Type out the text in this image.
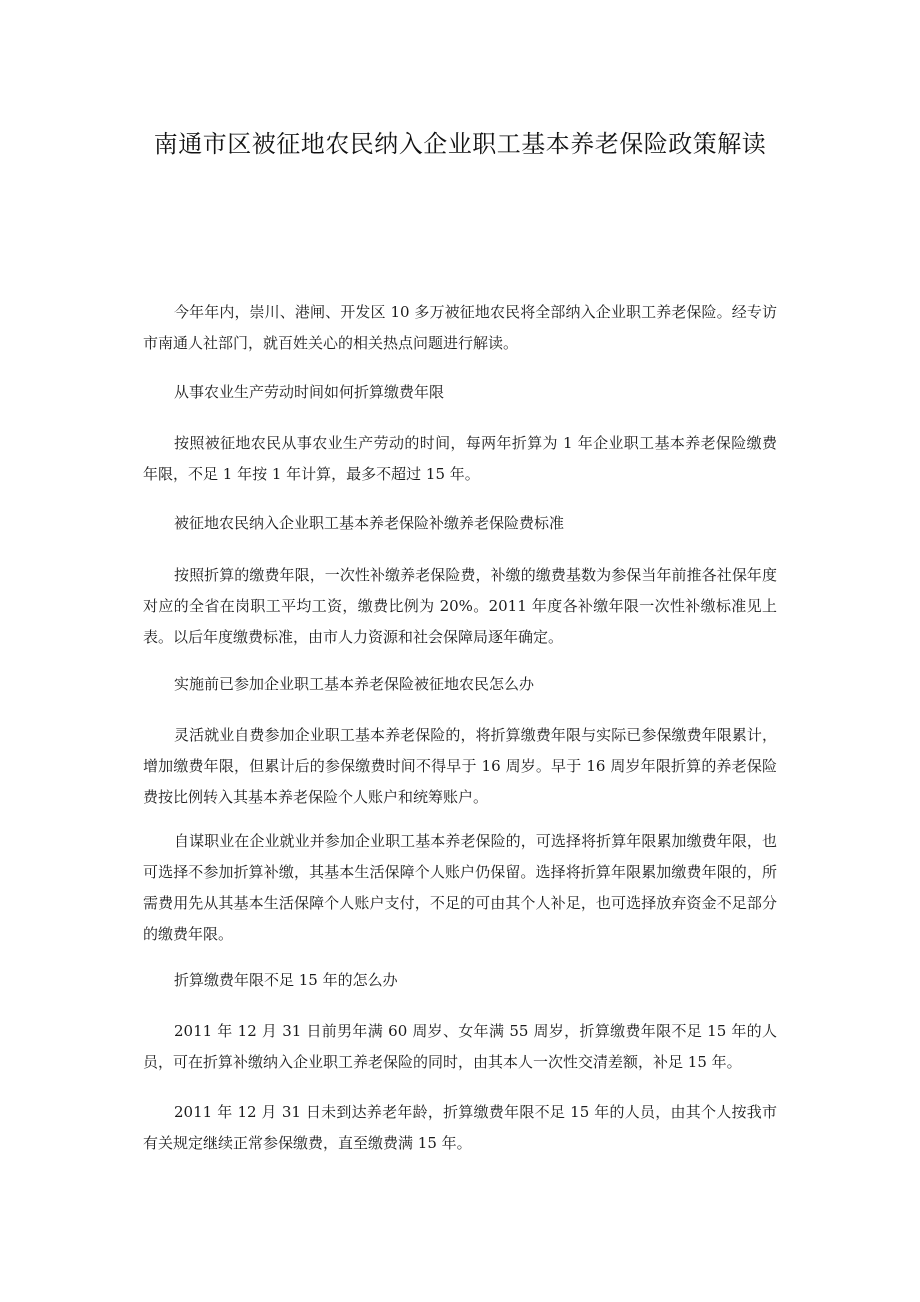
南通市区被征地农民纳入企业职工基本养老保险政策解读

今年年内，崇川、港闸、开发区 10 多万被征地农民将全部纳入企业职工养老保险。经专访市南通人社部门，就百姓关心的相关热点问题进行解读。

从事农业生产劳动时间如何折算缴费年限

按照被征地农民从事农业生产劳动的时间，每两年折算为 1 年企业职工基本养老保险缴费年限，不足 1 年按 1 年计算，最多不超过 15 年。

被征地农民纳入企业职工基本养老保险补缴养老保险费标准

按照折算的缴费年限，一次性补缴养老保险费，补缴的缴费基数为参保当年前推各社保年度对应的全省在岗职工平均工资，缴费比例为 20%。2011 年度各补缴年限一次性补缴标准见上表。以后年度缴费标准，由市人力资源和社会保障局逐年确定。

实施前已参加企业职工基本养老保险被征地农民怎么办

灵活就业自费参加企业职工基本养老保险的，将折算缴费年限与实际已参保缴费年限累计，增加缴费年限，但累计后的参保缴费时间不得早于 16 周岁。早于 16 周岁年限折算的养老保险费按比例转入其基本养老保险个人账户和统筹账户。

自谋职业在企业就业并参加企业职工基本养老保险的，可选择将折算年限累加缴费年限，也可选择不参加折算补缴，其基本生活保障个人账户仍保留。选择将折算年限累加缴费年限的，所需费用先从其基本生活保障个人账户支付，不足的可由其个人补足，也可选择放弃资金不足部分的缴费年限。

折算缴费年限不足 15 年的怎么办

2011 年 12 月 31 日前男年满 60 周岁、女年满 55 周岁，折算缴费年限不足 15 年的人员，可在折算补缴纳入企业职工养老保险的同时，由其本人一次性交清差额，补足 15 年。

2011 年 12 月 31 日未到达养老年龄，折算缴费年限不足 15 年的人员，由其个人按我市有关规定继续正常参保缴费，直至缴费满 15 年。
